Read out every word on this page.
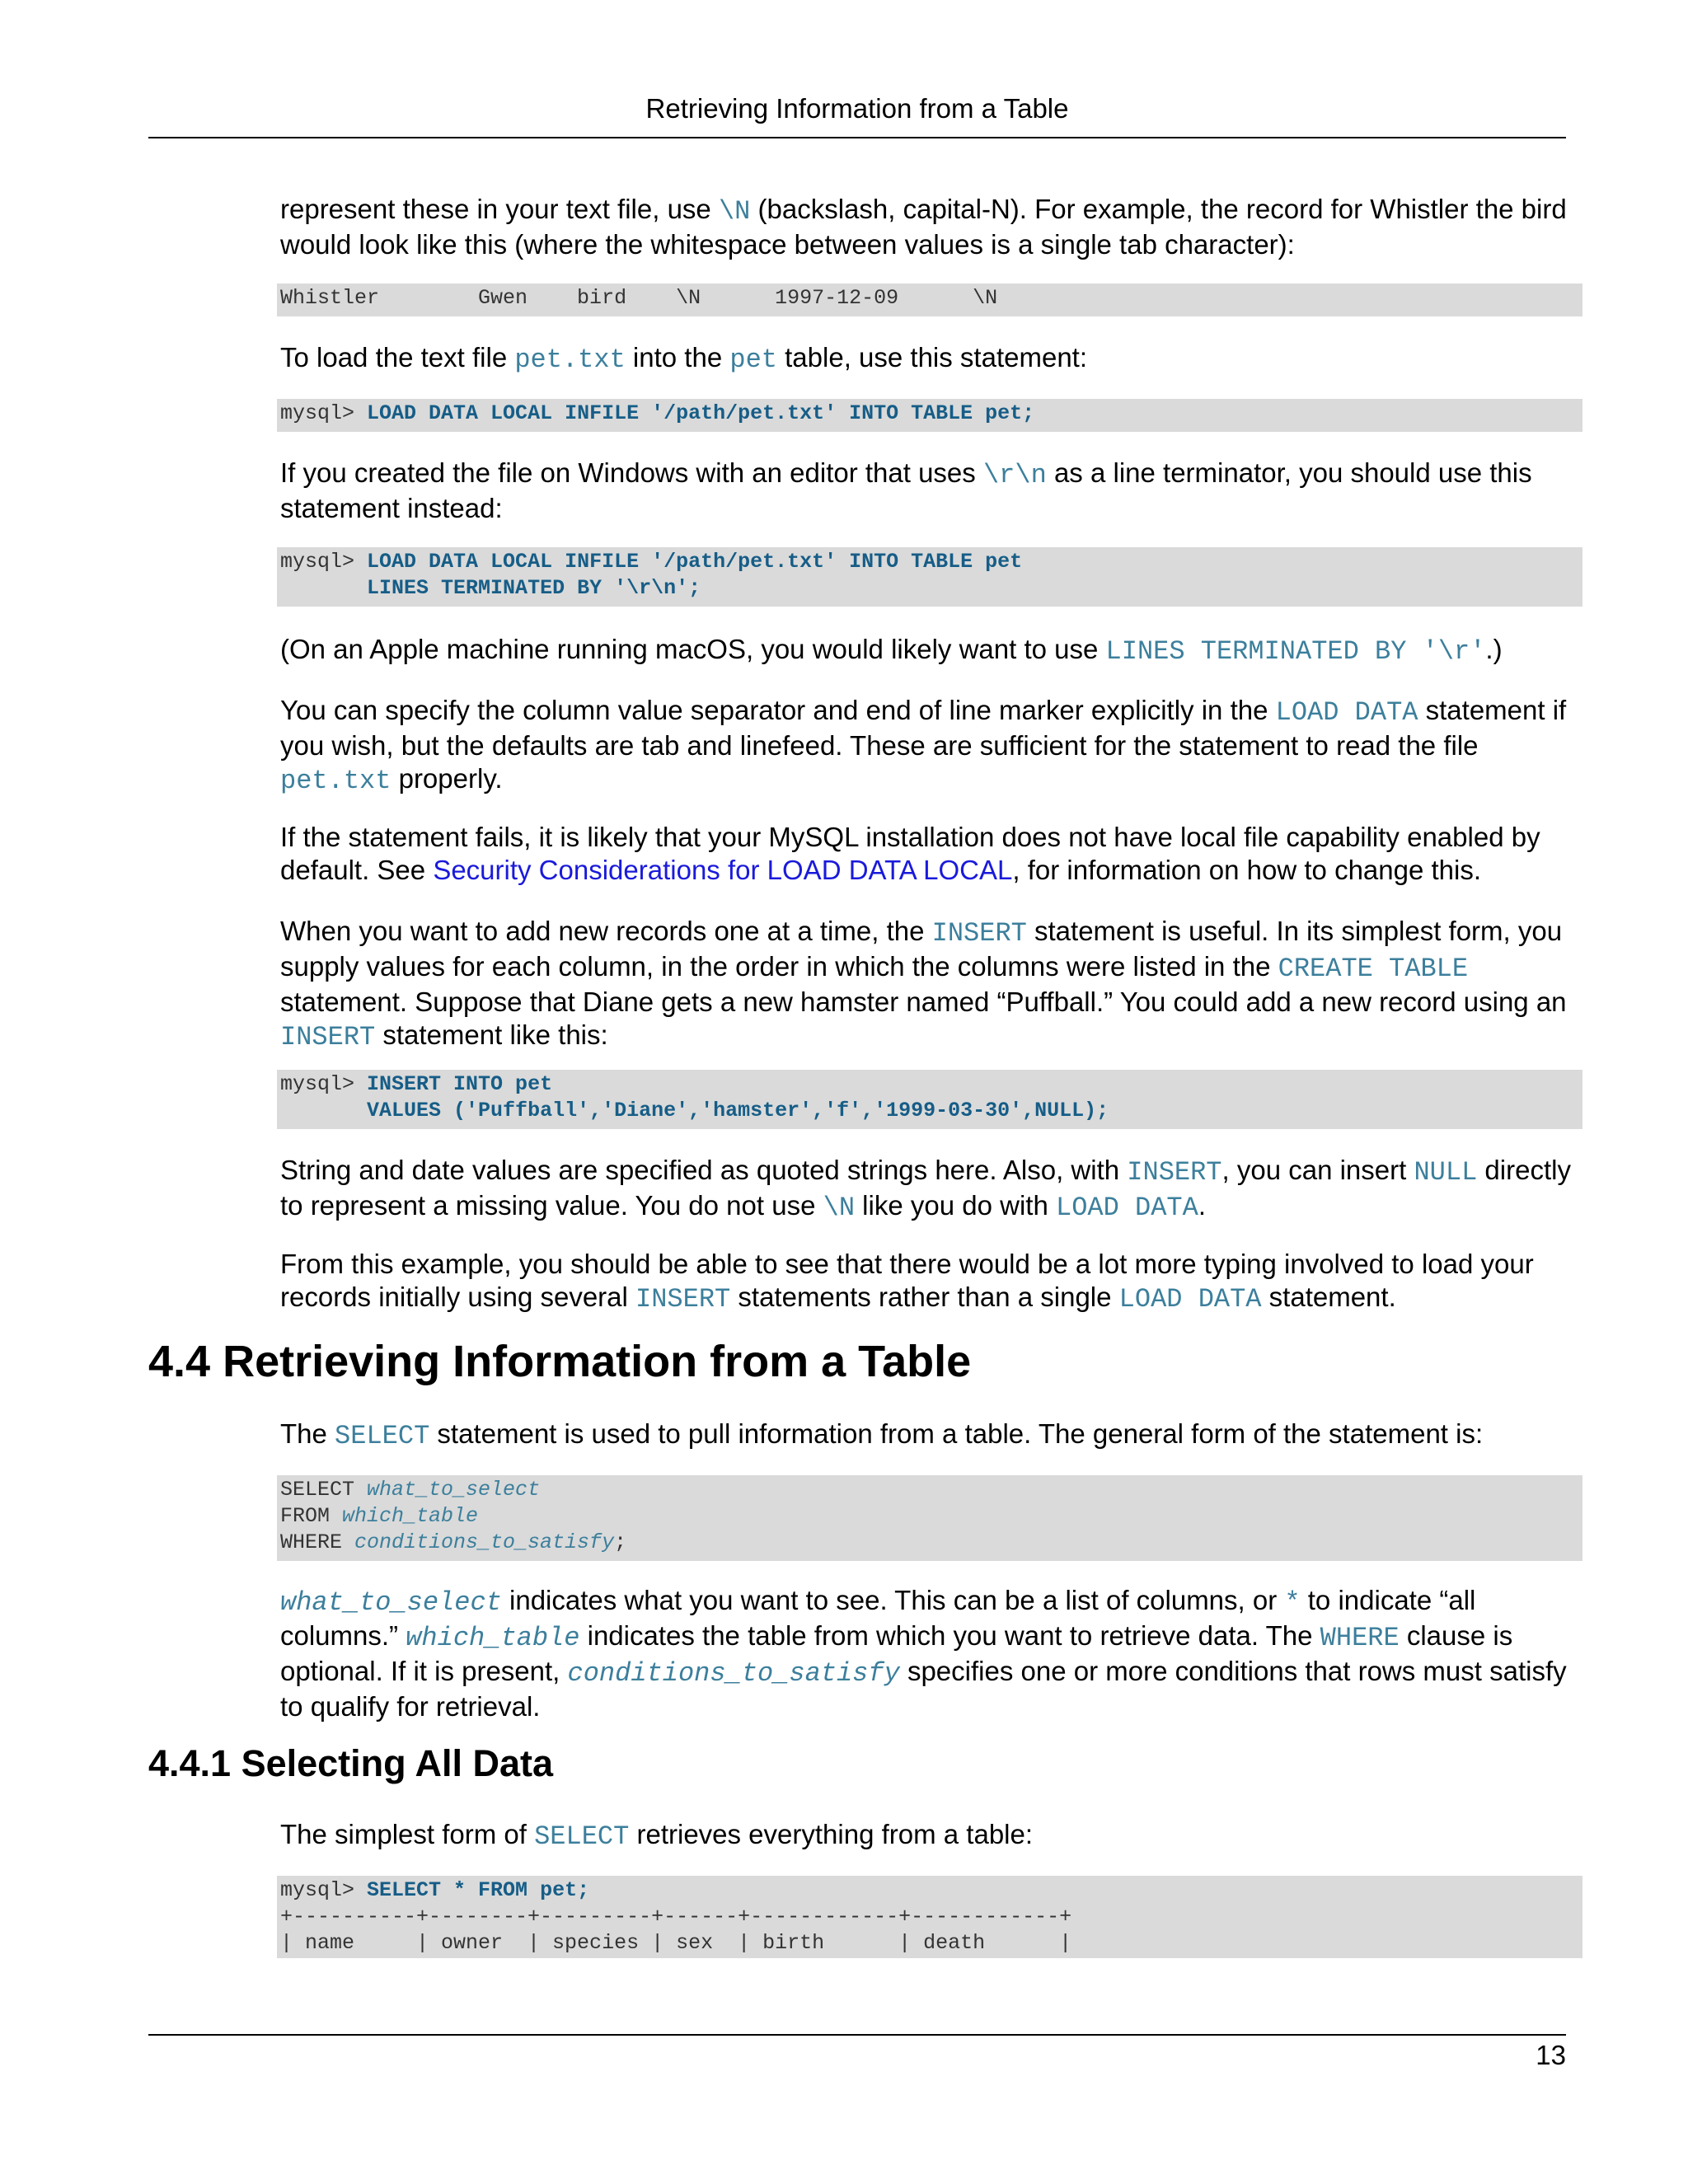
Retrieving Information from a Table

represent these in your text file, use \N (backslash, capital-N). For example, the record for Whistler the bird would look like this (where the whitespace between values is a single tab character):

Whistler        Gwen    bird    \N      1997-12-09      \N

To load the text file pet.txt into the pet table, use this statement:

mysql> LOAD DATA LOCAL INFILE '/path/pet.txt' INTO TABLE pet;

If you created the file on Windows with an editor that uses \r\n as a line terminator, you should use this statement instead:

mysql> LOAD DATA LOCAL INFILE '/path/pet.txt' INTO TABLE pet
LINES TERMINATED BY '\r\n';

(On an Apple machine running macOS, you would likely want to use LINES TERMINATED BY '\r'.)

You can specify the column value separator and end of line marker explicitly in the LOAD DATA statement if you wish, but the defaults are tab and linefeed. These are sufficient for the statement to read the file pet.txt properly.

If the statement fails, it is likely that your MySQL installation does not have local file capability enabled by default. See Security Considerations for LOAD DATA LOCAL, for information on how to change this.

When you want to add new records one at a time, the INSERT statement is useful. In its simplest form, you supply values for each column, in the order in which the columns were listed in the CREATE TABLE statement. Suppose that Diane gets a new hamster named “Puffball.” You could add a new record using an INSERT statement like this:

mysql> INSERT INTO pet
VALUES ('Puffball','Diane','hamster','f','1999-03-30',NULL);

String and date values are specified as quoted strings here. Also, with INSERT, you can insert NULL directly to represent a missing value. You do not use \N like you do with LOAD DATA.

From this example, you should be able to see that there would be a lot more typing involved to load your records initially using several INSERT statements rather than a single LOAD DATA statement.

4.4 Retrieving Information from a Table

The SELECT statement is used to pull information from a table. The general form of the statement is:

SELECT what_to_select
FROM which_table
WHERE conditions_to_satisfy;

what_to_select indicates what you want to see. This can be a list of columns, or * to indicate “all columns.” which_table indicates the table from which you want to retrieve data. The WHERE clause is optional. If it is present, conditions_to_satisfy specifies one or more conditions that rows must satisfy to qualify for retrieval.

4.4.1 Selecting All Data

The simplest form of SELECT retrieves everything from a table:

mysql> SELECT * FROM pet;
+----------+--------+---------+------+------------+------------+
| name     | owner  | species | sex  | birth      | death      |
13
